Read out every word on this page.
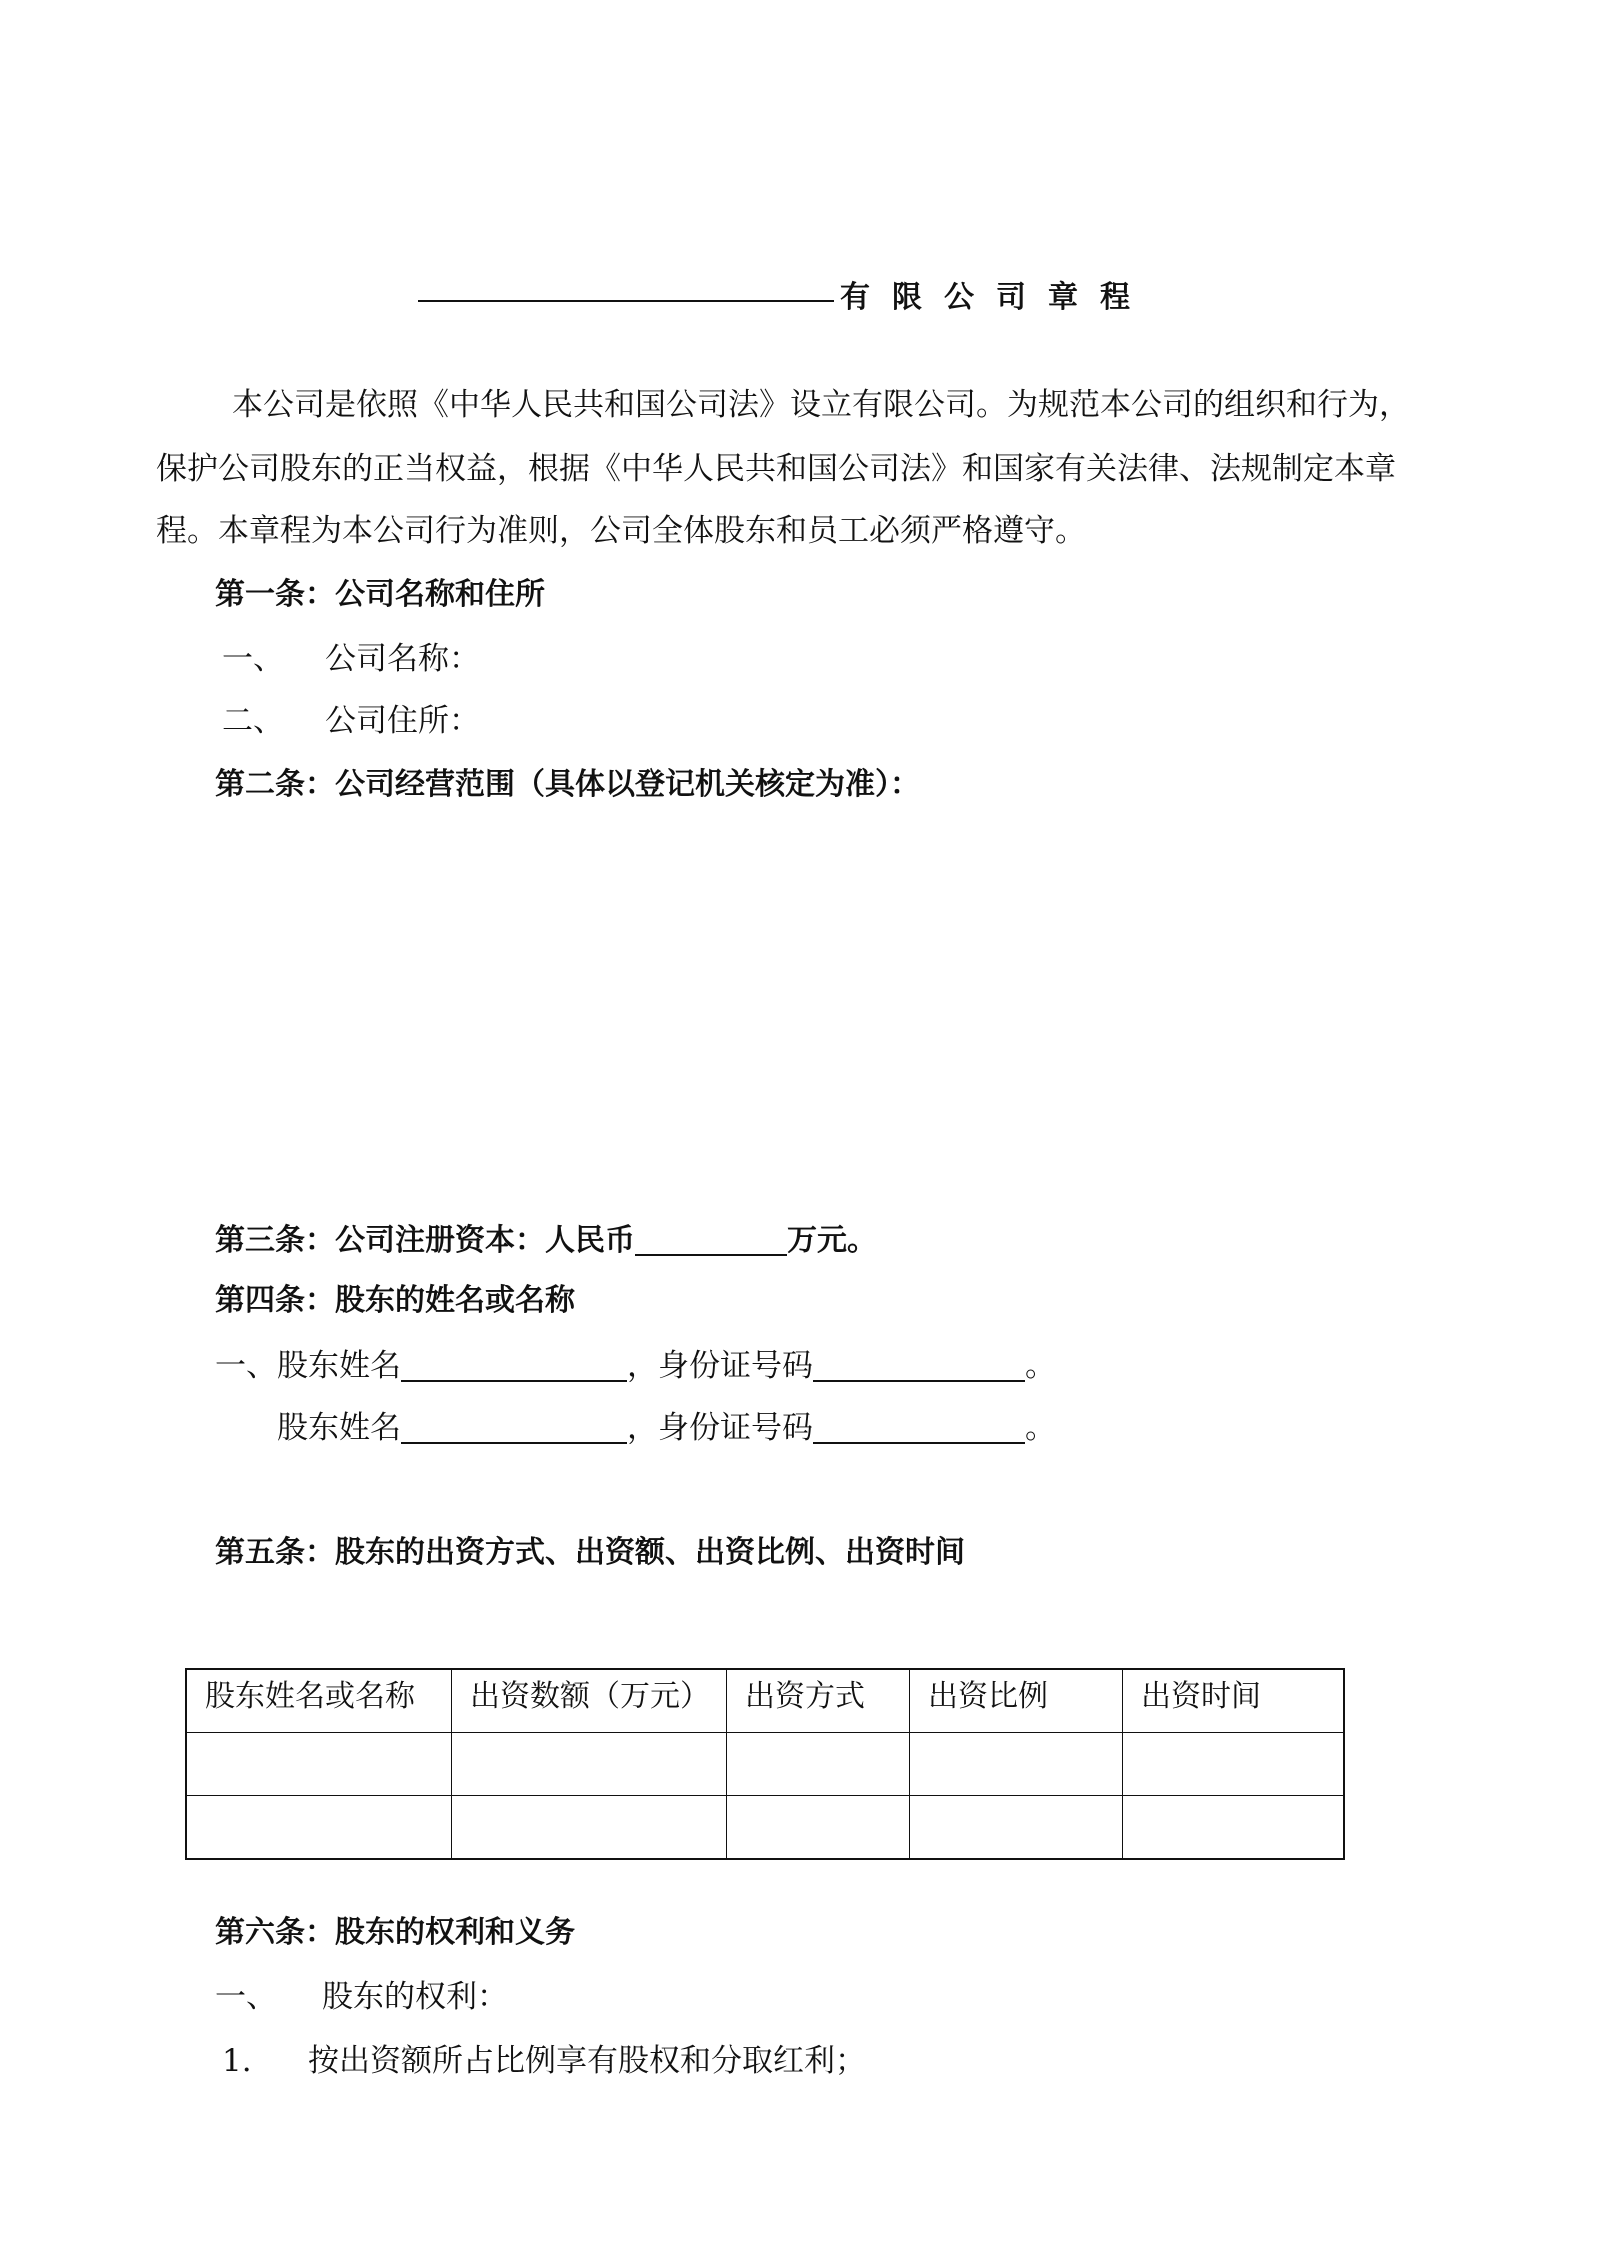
有限公司章程
本公司是依照《中华人民共和国公司法》设立有限公司。为规范本公司的组织和行为，
保护公司股东的正当权益，根据《中华人民共和国公司法》和国家有关法律、法规制定本章
程。本章程为本公司行为准则，公司全体股东和员工必须严格遵守。
第一条：公司名称和住所
一、 公司名称：
二、 公司住所：
第二条：公司经营范围（具体以登记机关核定为准）：
第三条：公司注册资本：人民币	万元。
第四条：股东的姓名或名称
一、股东姓名	，身份证号码	。
股东姓名	，身份证号码	。
第五条：股东的出资方式、出资额、出资比例、出资时间
股东姓名或名称	出资数额（万元）	出资方式	出资比例	出资时间

第六条：股东的权利和义务
一、 股东的权利：
1. 按出资额所占比例享有股权和分取红利；
